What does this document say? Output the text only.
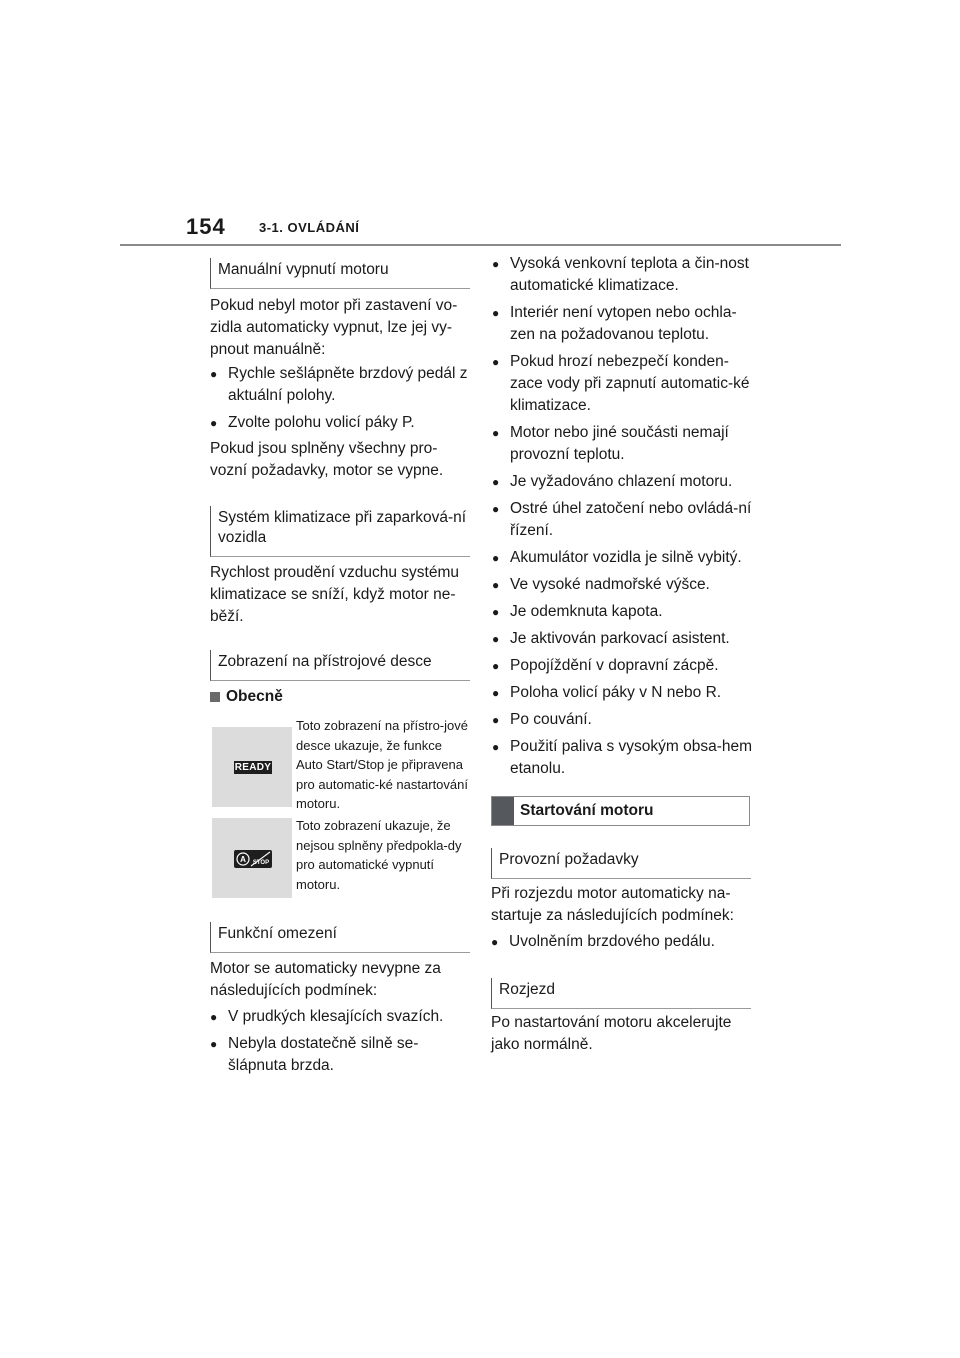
154	3-1. OVLÁDÁNÍ
Manuální vypnutí motoru

Pokud nebyl motor při zastavení vo-zidla automaticky vypnut, lze jej vy-pnout manuálně:

● Rychle sešlápněte brzdový pedál z aktuální polohy.
● Zvolte polohu volicí páky P.

Pokud jsou splněny všechny pro-vozní požadavky, motor se vypne.

Systém klimatizace při zaparková-ní vozidla

Rychlost proudění vzduchu systému klimatizace se sníží, když motor ne-běží.

Zobrazení na přístrojové desce
Obecně
READY
Toto zobrazení na přístro-jové desce ukazuje, že funkce Auto Start/Stop je připravena pro automatic-ké nastartování motoru.
A STOP
Toto zobrazení ukazuje, že nejsou splněny předpokla-dy pro automatické vypnutí motoru.
Funkční omezení

Motor se automaticky nevypne za následujících podmínek:

● V prudkých klesajících svazích.
● Nebyla dostatečně silně se-šlápnuta brzda.
● Vysoká venkovní teplota a čin-nost automatické klimatizace.
● Interiér není vytopen nebo ochla-zen na požadovanou teplotu.
● Pokud hrozí nebezpečí konden-zace vody při zapnutí automatic-ké klimatizace.
● Motor nebo jiné součásti nemají provozní teplotu.
● Je vyžadováno chlazení motoru.
● Ostré úhel zatočení nebo ovládá-ní řízení.
● Akumulátor vozidla je silně vybitý.
● Ve vysoké nadmořské výšce.
● Je odemknuta kapota.
● Je aktivován parkovací asistent.
● Popojíždění v dopravní zácpě.
● Poloha volicí páky v N nebo R.
● Po couvání.
● Použití paliva s vysokým obsa-hem etanolu.
Startování motoru
Provozní požadavky

Při rozjezdu motor automaticky na-startuje za následujících podmínek:

● Uvolněním brzdového pedálu.
Rozjezd

Po nastartování motoru akcelerujte jako normálně.
